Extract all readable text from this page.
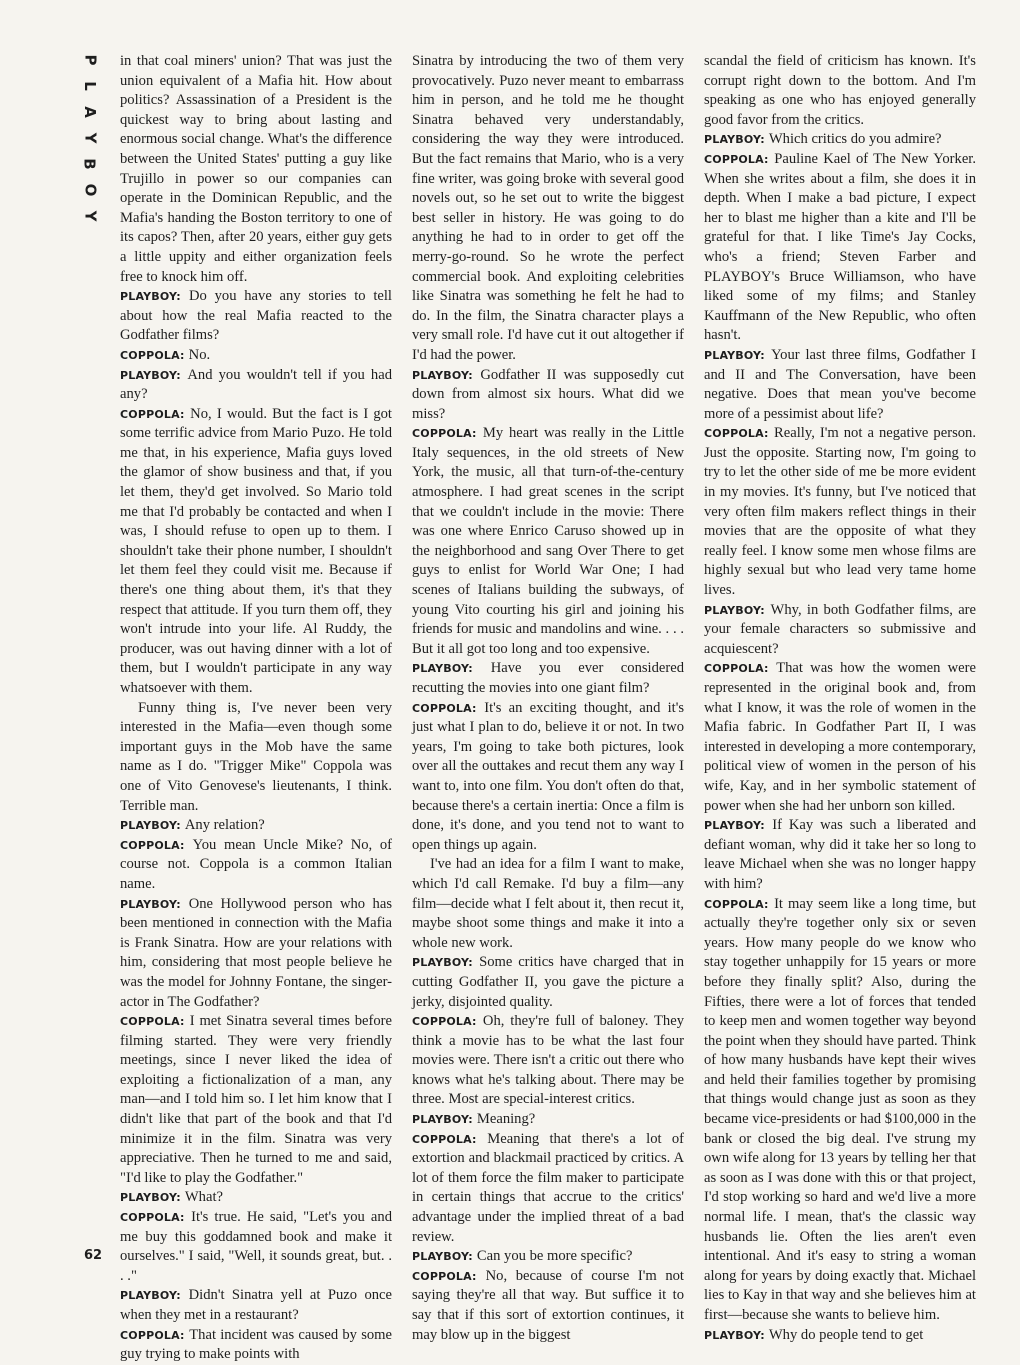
P
L
A
Y
B
O
Y
62

in that coal miners' union? That was just the union equivalent of a Mafia hit. How about politics? Assassination of a President is the quickest way to bring about lasting and enormous social change. What's the difference between the United States' putting a guy like Trujillo in power so our companies can operate in the Dominican Republic, and the Mafia's handing the Boston territory to one of its capos? Then, after 20 years, either guy gets a little uppity and either organization feels free to knock him off.

PLAYBOY: Do you have any stories to tell about how the real Mafia reacted to the Godfather films?

COPPOLA: No.

PLAYBOY: And you wouldn't tell if you had any?

COPPOLA: No, I would. But the fact is I got some terrific advice from Mario Puzo. He told me that, in his experience, Mafia guys loved the glamor of show business and that, if you let them, they'd get involved. So Mario told me that I'd probably be contacted and when I was, I should refuse to open up to them. I shouldn't take their phone number, I shouldn't let them feel they could visit me. Because if there's one thing about them, it's that they respect that attitude. If you turn them off, they won't intrude into your life. Al Ruddy, the producer, was out having dinner with a lot of them, but I wouldn't participate in any way whatsoever with them.

Funny thing is, I've never been very interested in the Mafia—even though some important guys in the Mob have the same name as I do. "Trigger Mike" Coppola was one of Vito Genovese's lieutenants, I think. Terrible man.

PLAYBOY: Any relation?

COPPOLA: You mean Uncle Mike? No, of course not. Coppola is a common Italian name.

PLAYBOY: One Hollywood person who has been mentioned in connection with the Mafia is Frank Sinatra. How are your relations with him, considering that most people believe he was the model for Johnny Fontane, the singer-actor in The Godfather?

COPPOLA: I met Sinatra several times before filming started. They were very friendly meetings, since I never liked the idea of exploiting a fictionalization of a man, any man—and I told him so. I let him know that I didn't like that part of the book and that I'd minimize it in the film. Sinatra was very appreciative. Then he turned to me and said, "I'd like to play the Godfather."

PLAYBOY: What?

COPPOLA: It's true. He said, "Let's you and me buy this goddamned book and make it ourselves." I said, "Well, it sounds great, but. . . ."

PLAYBOY: Didn't Sinatra yell at Puzo once when they met in a restaurant?

COPPOLA: That incident was caused by some guy trying to make points with

Sinatra by introducing the two of them very provocatively. Puzo never meant to embarrass him in person, and he told me he thought Sinatra behaved very understandably, considering the way they were introduced. But the fact remains that Mario, who is a very fine writer, was going broke with several good novels out, so he set out to write the biggest best seller in history. He was going to do anything he had to in order to get off the merry-go-round. So he wrote the perfect commercial book. And exploiting celebrities like Sinatra was something he felt he had to do. In the film, the Sinatra character plays a very small role. I'd have cut it out altogether if I'd had the power.

PLAYBOY: Godfather II was supposedly cut down from almost six hours. What did we miss?

COPPOLA: My heart was really in the Little Italy sequences, in the old streets of New York, the music, all that turn-of-the-century atmosphere. I had great scenes in the script that we couldn't include in the movie: There was one where Enrico Caruso showed up in the neighborhood and sang Over There to get guys to enlist for World War One; I had scenes of Italians building the subways, of young Vito courting his girl and joining his friends for music and mandolins and wine. . . . But it all got too long and too expensive.

PLAYBOY: Have you ever considered recutting the movies into one giant film?

COPPOLA: It's an exciting thought, and it's just what I plan to do, believe it or not. In two years, I'm going to take both pictures, look over all the outtakes and recut them any way I want to, into one film. You don't often do that, because there's a certain inertia: Once a film is done, it's done, and you tend not to want to open things up again.

I've had an idea for a film I want to make, which I'd call Remake. I'd buy a film—any film—decide what I felt about it, then recut it, maybe shoot some things and make it into a whole new work.

PLAYBOY: Some critics have charged that in cutting Godfather II, you gave the picture a jerky, disjointed quality.

COPPOLA: Oh, they're full of baloney. They think a movie has to be what the last four movies were. There isn't a critic out there who knows what he's talking about. There may be three. Most are special-interest critics.

PLAYBOY: Meaning?

COPPOLA: Meaning that there's a lot of extortion and blackmail practiced by critics. A lot of them force the film maker to participate in certain things that accrue to the critics' advantage under the implied threat of a bad review.

PLAYBOY: Can you be more specific?

COPPOLA: No, because of course I'm not saying they're all that way. But suffice it to say that if this sort of extortion continues, it may blow up in the biggest

scandal the field of criticism has known. It's corrupt right down to the bottom. And I'm speaking as one who has enjoyed generally good favor from the critics.

PLAYBOY: Which critics do you admire?

COPPOLA: Pauline Kael of The New Yorker. When she writes about a film, she does it in depth. When I make a bad picture, I expect her to blast me higher than a kite and I'll be grateful for that. I like Time's Jay Cocks, who's a friend; Steven Farber and PLAYBOY's Bruce Williamson, who have liked some of my films; and Stanley Kauffmann of the New Republic, who often hasn't.

PLAYBOY: Your last three films, Godfather I and II and The Conversation, have been negative. Does that mean you've become more of a pessimist about life?

COPPOLA: Really, I'm not a negative person. Just the opposite. Starting now, I'm going to try to let the other side of me be more evident in my movies. It's funny, but I've noticed that very often film makers reflect things in their movies that are the opposite of what they really feel. I know some men whose films are highly sexual but who lead very tame home lives.

PLAYBOY: Why, in both Godfather films, are your female characters so submissive and acquiescent?

COPPOLA: That was how the women were represented in the original book and, from what I know, it was the role of women in the Mafia fabric. In Godfather Part II, I was interested in developing a more contemporary, political view of women in the person of his wife, Kay, and in her symbolic statement of power when she had her unborn son killed.

PLAYBOY: If Kay was such a liberated and defiant woman, why did it take her so long to leave Michael when she was no longer happy with him?

COPPOLA: It may seem like a long time, but actually they're together only six or seven years. How many people do we know who stay together unhappily for 15 years or more before they finally split? Also, during the Fifties, there were a lot of forces that tended to keep men and women together way beyond the point when they should have parted. Think of how many husbands have kept their wives and held their families together by promising that things would change just as soon as they became vice-presidents or had $100,000 in the bank or closed the big deal. I've strung my own wife along for 13 years by telling her that as soon as I was done with this or that project, I'd stop working so hard and we'd live a more normal life. I mean, that's the classic way husbands lie. Often the lies aren't even intentional. And it's easy to string a woman along for years by doing exactly that. Michael lies to Kay in that way and she believes him at first—because she wants to believe him.

PLAYBOY: Why do people tend to get
